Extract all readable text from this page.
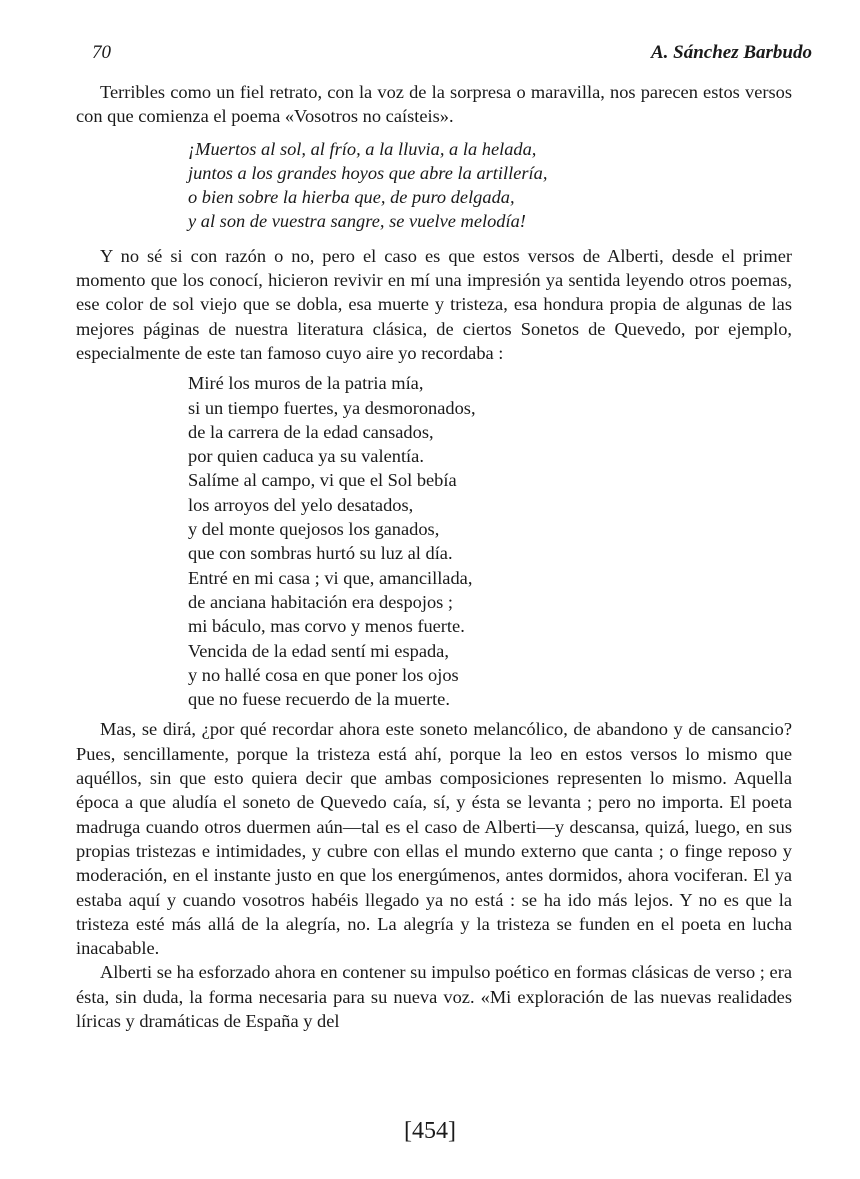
70	A. Sánchez Barbudo

Terribles como un fiel retrato, con la voz de la sorpresa o maravilla, nos parecen estos versos con que comienza el poema «Vosotros no caísteis».

¡Muertos al sol, al frío, a la lluvia, a la helada,
juntos a los grandes hoyos que abre la artillería,
o bien sobre la hierba que, de puro delgada,
y al son de vuestra sangre, se vuelve melodía!

Y no sé si con razón o no, pero el caso es que estos versos de Alberti, desde el primer momento que los conocí, hicieron revivir en mí una impresión ya sentida leyendo otros poemas, ese color de sol viejo que se dobla, esa muerte y tristeza, esa hondura propia de algunas de las mejores páginas de nuestra literatura clásica, de ciertos Sonetos de Quevedo, por ejemplo, especialmente de este tan famoso cuyo aire yo recordaba :

Miré los muros de la patria mía,
si un tiempo fuertes, ya desmoronados,
de la carrera de la edad cansados,
por quien caduca ya su valentía.
Salíme al campo, vi que el Sol bebía
los arroyos del yelo desatados,
y del monte quejosos los ganados,
que con sombras hurtó su luz al día.
Entré en mi casa ; vi que, amancillada,
de anciana habitación era despojos ;
mi báculo, mas corvo y menos fuerte.
Vencida de la edad sentí mi espada,
y no hallé cosa en que poner los ojos
que no fuese recuerdo de la muerte.

Mas, se dirá, ¿por qué recordar ahora este soneto melancólico, de abandono y de cansancio? Pues, sencillamente, porque la tristeza está ahí, porque la leo en estos versos lo mismo que aquéllos, sin que esto quiera decir que ambas composiciones representen lo mismo. Aquella época a que aludía el soneto de Quevedo caía, sí, y ésta se levanta ; pero no importa. El poeta madruga cuando otros duermen aún—tal es el caso de Alberti—y descansa, quizá, luego, en sus propias tristezas e intimidades, y cubre con ellas el mundo externo que canta ; o finge reposo y moderación, en el instante justo en que los energúmenos, antes dormidos, ahora vociferan. El ya estaba aquí y cuando vosotros habéis llegado ya no está : se ha ido más lejos. Y no es que la tristeza esté más allá de la alegría, no. La alegría y la tristeza se funden en el poeta en lucha inacabable.

Alberti se ha esforzado ahora en contener su impulso poético en formas clásicas de verso ; era ésta, sin duda, la forma necesaria para su nueva voz. «Mi exploración de las nuevas realidades líricas y dramáticas de España y del

[454]
